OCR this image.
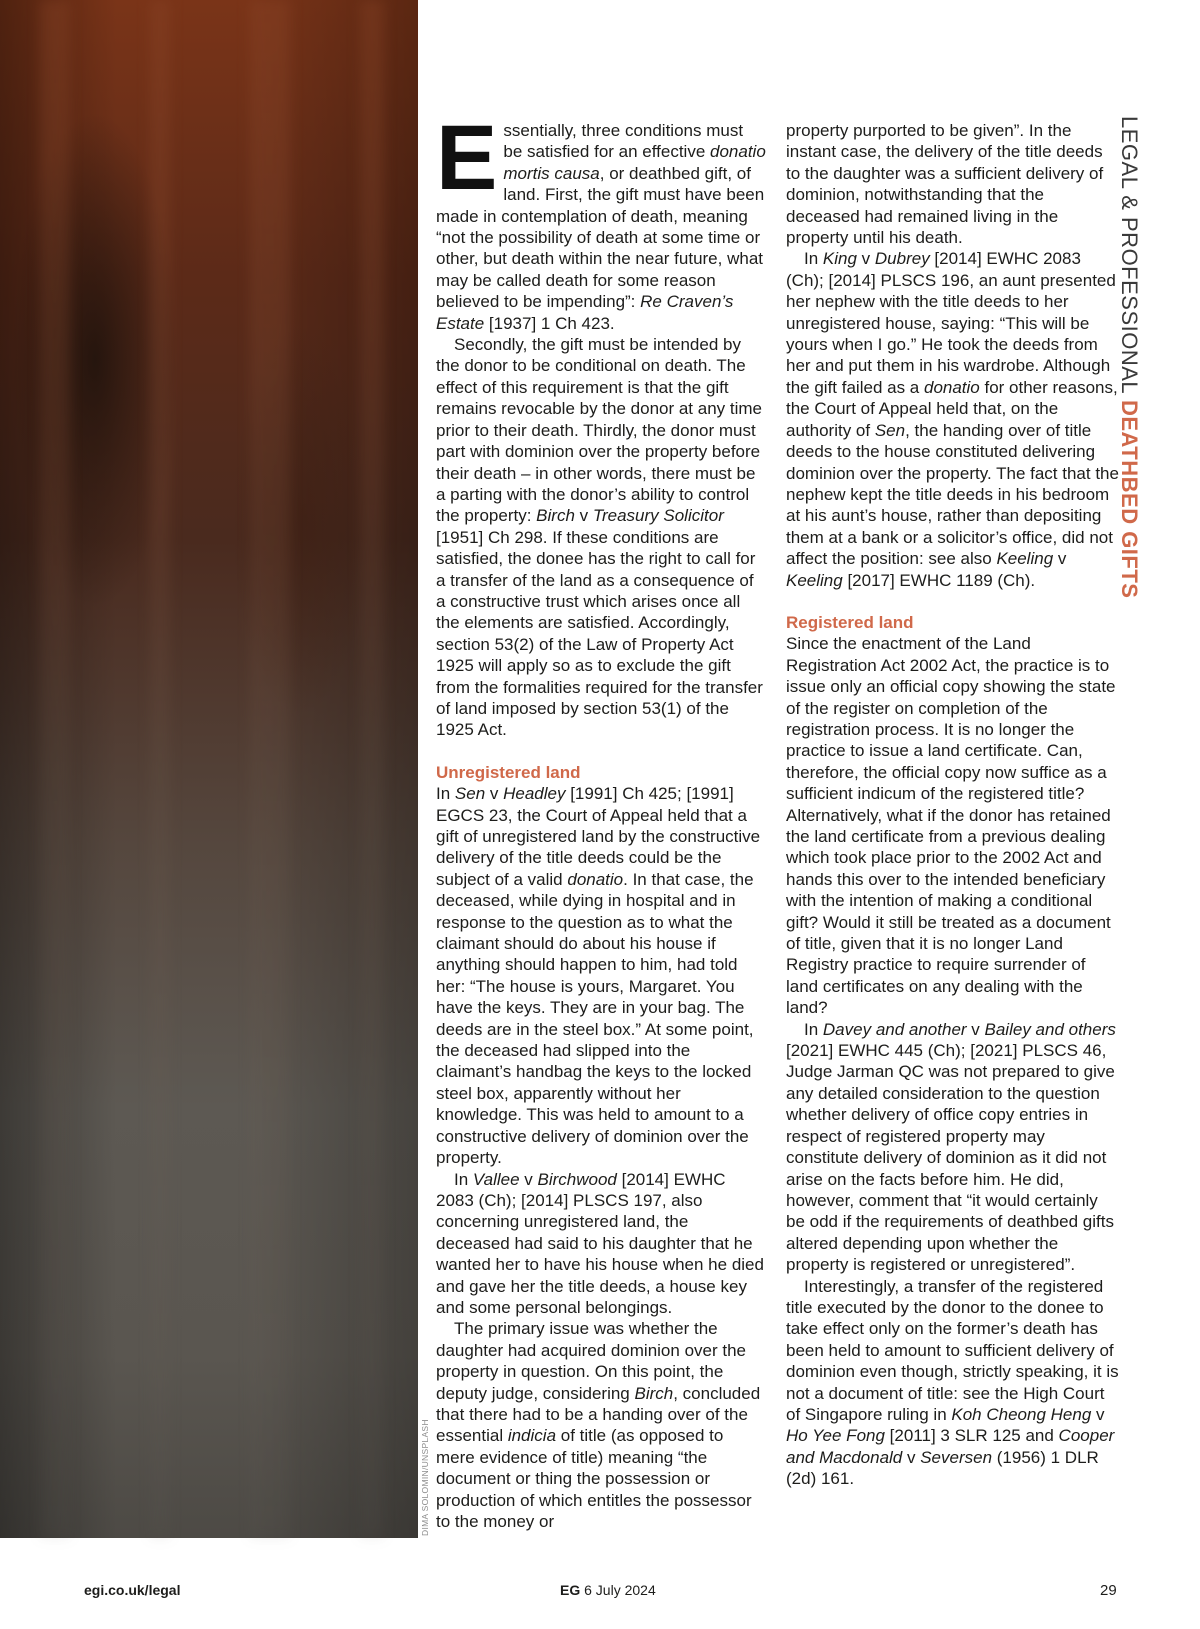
DIMA SOLOMIN/UNSPLASH
LEGAL & PROFESSIONAL DEATHBED GIFTS

Essentially, three conditions must be satisfied for an effective donatio mortis causa, or deathbed gift, of land. First, the gift must have been made in contemplation of death, meaning “not the possibility of death at some time or other, but death within the near future, what may be called death for some reason believed to be impending”: Re Craven’s Estate [1937] 1 Ch 423.

Secondly, the gift must be intended by the donor to be conditional on death. The effect of this requirement is that the gift remains revocable by the donor at any time prior to their death. Thirdly, the donor must part with dominion over the property before their death – in other words, there must be a parting with the donor’s ability to control the property: Birch v Treasury Solicitor [1951] Ch 298. If these conditions are satisfied, the donee has the right to call for a transfer of the land as a consequence of a constructive trust which arises once all the elements are satisfied. Accordingly, section 53(2) of the Law of Property Act 1925 will apply so as to exclude the gift from the formalities required for the transfer of land imposed by section 53(1) of the 1925 Act.

Unregistered land

In Sen v Headley [1991] Ch 425; [1991] EGCS 23, the Court of Appeal held that a gift of unregistered land by the constructive delivery of the title deeds could be the subject of a valid donatio. In that case, the deceased, while dying in hospital and in response to the question as to what the claimant should do about his house if anything should happen to him, had told her: “The house is yours, Margaret. You have the keys. They are in your bag. The deeds are in the steel box.” At some point, the deceased had slipped into the claimant’s handbag the keys to the locked steel box, apparently without her knowledge. This was held to amount to a constructive delivery of dominion over the property.

In Vallee v Birchwood [2014] EWHC 2083 (Ch); [2014] PLSCS 197, also concerning unregistered land, the deceased had said to his daughter that he wanted her to have his house when he died and gave her the title deeds, a house key and some personal belongings.

The primary issue was whether the daughter had acquired dominion over the property in question. On this point, the deputy judge, considering Birch, concluded that there had to be a handing over of the essential indicia of title (as opposed to mere evidence of title) meaning “the document or thing the possession or production of which entitles the possessor to the money or

property purported to be given”. In the instant case, the delivery of the title deeds to the daughter was a sufficient delivery of dominion, notwithstanding that the deceased had remained living in the property until his death.

In King v Dubrey [2014] EWHC 2083 (Ch); [2014] PLSCS 196, an aunt presented her nephew with the title deeds to her unregistered house, saying: “This will be yours when I go.” He took the deeds from her and put them in his wardrobe. Although the gift failed as a donatio for other reasons, the Court of Appeal held that, on the authority of Sen, the handing over of title deeds to the house constituted delivering dominion over the property. The fact that the nephew kept the title deeds in his bedroom at his aunt’s house, rather than depositing them at a bank or a solicitor’s office, did not affect the position: see also Keeling v Keeling [2017] EWHC 1189 (Ch).

Registered land

Since the enactment of the Land Registration Act 2002 Act, the practice is to issue only an official copy showing the state of the register on completion of the registration process. It is no longer the practice to issue a land certificate. Can, therefore, the official copy now suffice as a sufficient indicum of the registered title? Alternatively, what if the donor has retained the land certificate from a previous dealing which took place prior to the 2002 Act and hands this over to the intended beneficiary with the intention of making a conditional gift? Would it still be treated as a document of title, given that it is no longer Land Registry practice to require surrender of land certificates on any dealing with the land?

In Davey and another v Bailey and others [2021] EWHC 445 (Ch); [2021] PLSCS 46, Judge Jarman QC was not prepared to give any detailed consideration to the question whether delivery of office copy entries in respect of registered property may constitute delivery of dominion as it did not arise on the facts before him. He did, however, comment that “it would certainly be odd if the requirements of deathbed gifts altered depending upon whether the property is registered or unregistered”.

Interestingly, a transfer of the registered title executed by the donor to the donee to take effect only on the former’s death has been held to amount to sufficient delivery of dominion even though, strictly speaking, it is not a document of title: see the High Court of Singapore ruling in Koh Cheong Heng v Ho Yee Fong [2011] 3 SLR 125 and Cooper and Macdonald v Seversen (1956) 1 DLR (2d) 161.

egi.co.uk/legal	EG 6 July 2024	29
